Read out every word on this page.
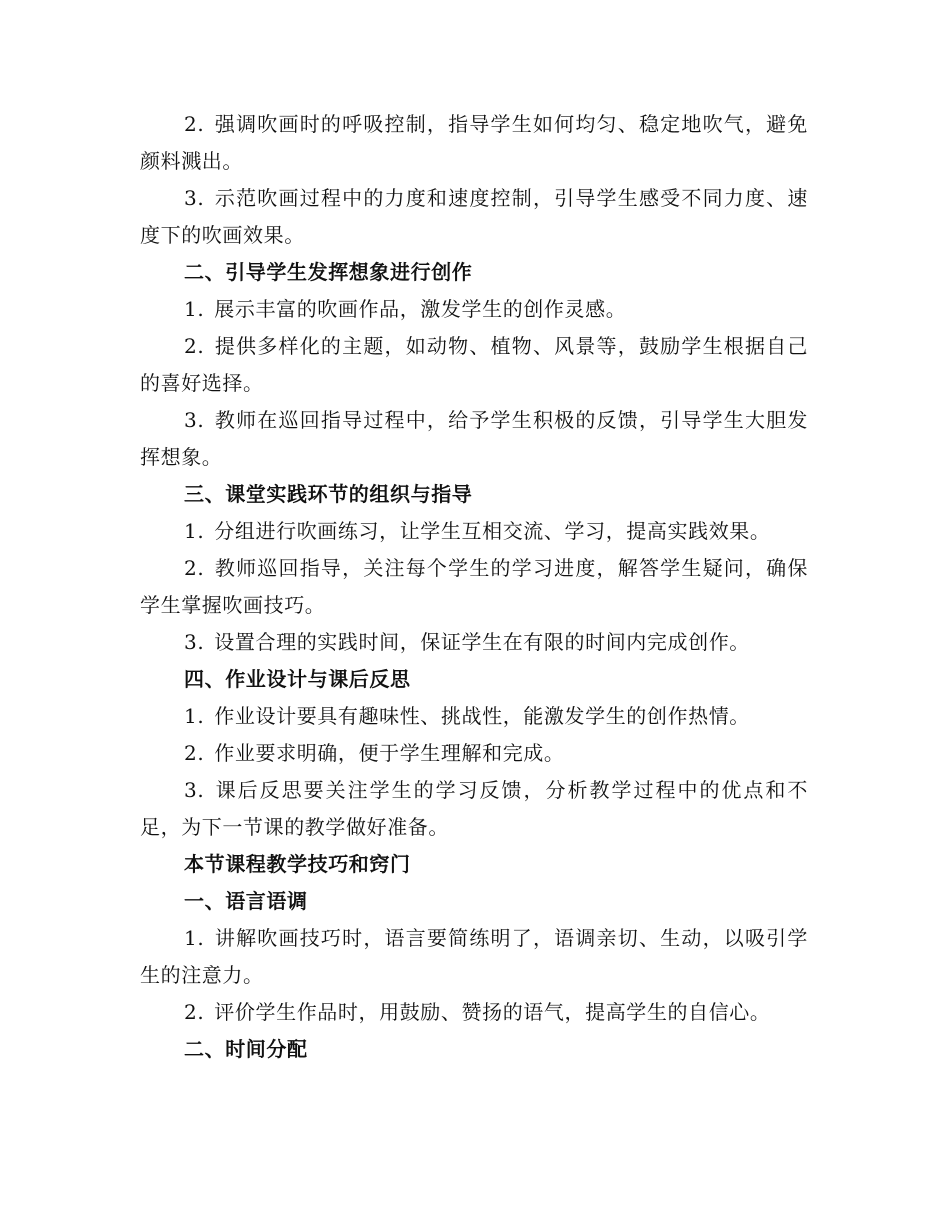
2. 强调吹画时的呼吸控制，指导学生如何均匀、稳定地吹气，避免颜料溅出。

3. 示范吹画过程中的力度和速度控制，引导学生感受不同力度、速度下的吹画效果。

二、引导学生发挥想象进行创作

1. 展示丰富的吹画作品，激发学生的创作灵感。

2. 提供多样化的主题，如动物、植物、风景等，鼓励学生根据自己的喜好选择。

3. 教师在巡回指导过程中，给予学生积极的反馈，引导学生大胆发挥想象。

三、课堂实践环节的组织与指导

1. 分组进行吹画练习，让学生互相交流、学习，提高实践效果。

2. 教师巡回指导，关注每个学生的学习进度，解答学生疑问，确保学生掌握吹画技巧。

3. 设置合理的实践时间，保证学生在有限的时间内完成创作。

四、作业设计与课后反思

1. 作业设计要具有趣味性、挑战性，能激发学生的创作热情。

2. 作业要求明确，便于学生理解和完成。

3. 课后反思要关注学生的学习反馈，分析教学过程中的优点和不足，为下一节课的教学做好准备。

本节课程教学技巧和窍门

一、语言语调

1. 讲解吹画技巧时，语言要简练明了，语调亲切、生动，以吸引学生的注意力。

2. 评价学生作品时，用鼓励、赞扬的语气，提高学生的自信心。

二、时间分配
